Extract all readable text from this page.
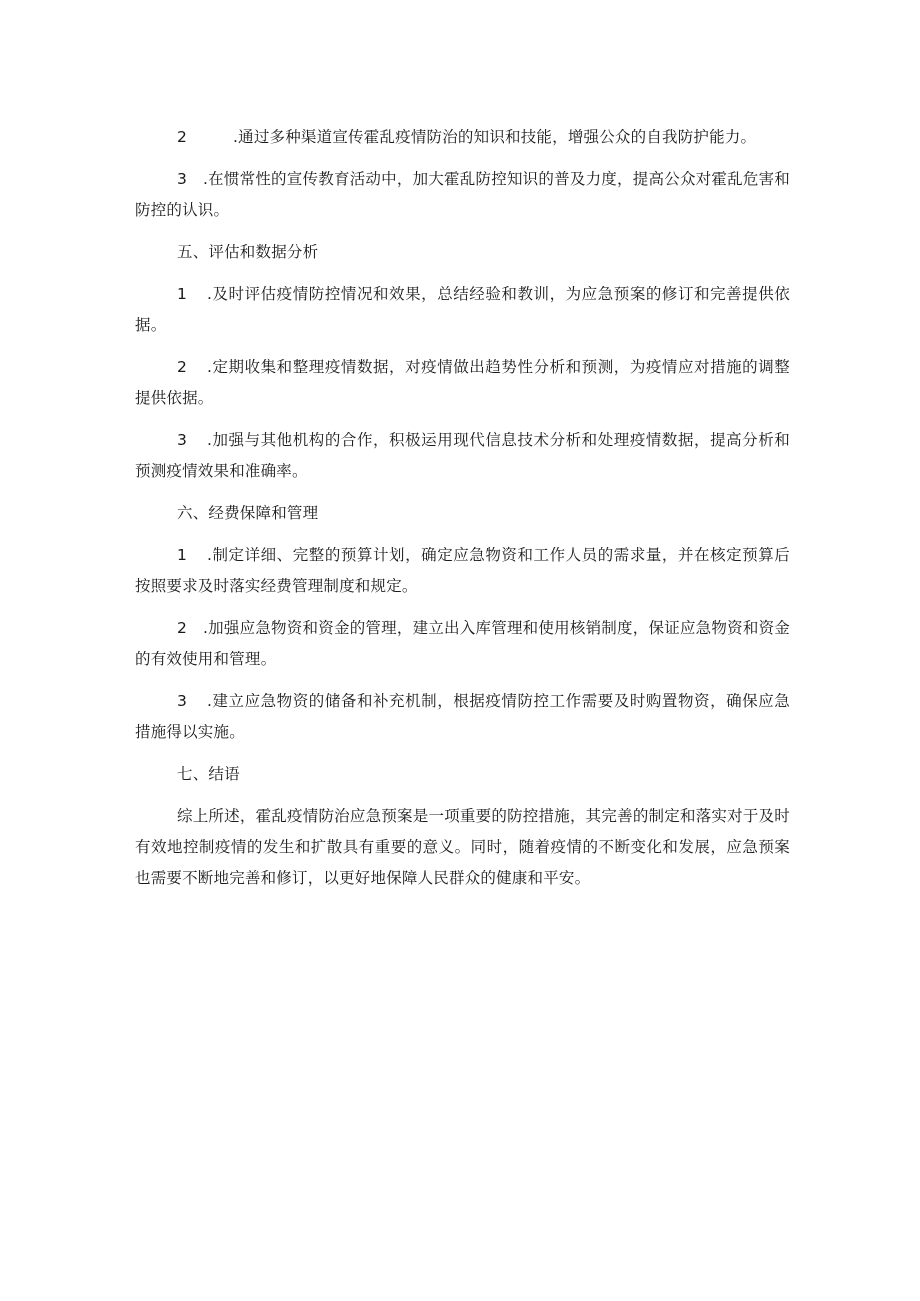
2	.通过多种渠道宣传霍乱疫情防治的知识和技能，增强公众的自我防护能力。

3 .在惯常性的宣传教育活动中，加大霍乱防控知识的普及力度，提高公众对霍乱危害和防控的认识。

五、评估和数据分析

1 .及时评估疫情防控情况和效果，总结经验和教训，为应急预案的修订和完善提供依据。

2 .定期收集和整理疫情数据，对疫情做出趋势性分析和预测，为疫情应对措施的调整提供依据。

3 .加强与其他机构的合作，积极运用现代信息技术分析和处理疫情数据，提高分析和预测疫情效果和准确率。

六、经费保障和管理

1 .制定详细、完整的预算计划，确定应急物资和工作人员的需求量，并在核定预算后按照要求及时落实经费管理制度和规定。

2 .加强应急物资和资金的管理，建立出入库管理和使用核销制度，保证应急物资和资金的有效使用和管理。

3 .建立应急物资的储备和补充机制，根据疫情防控工作需要及时购置物资，确保应急措施得以实施。

七、结语

综上所述，霍乱疫情防治应急预案是一项重要的防控措施，其完善的制定和落实对于及时有效地控制疫情的发生和扩散具有重要的意义。同时，随着疫情的不断变化和发展，应急预案也需要不断地完善和修订，以更好地保障人民群众的健康和平安。
